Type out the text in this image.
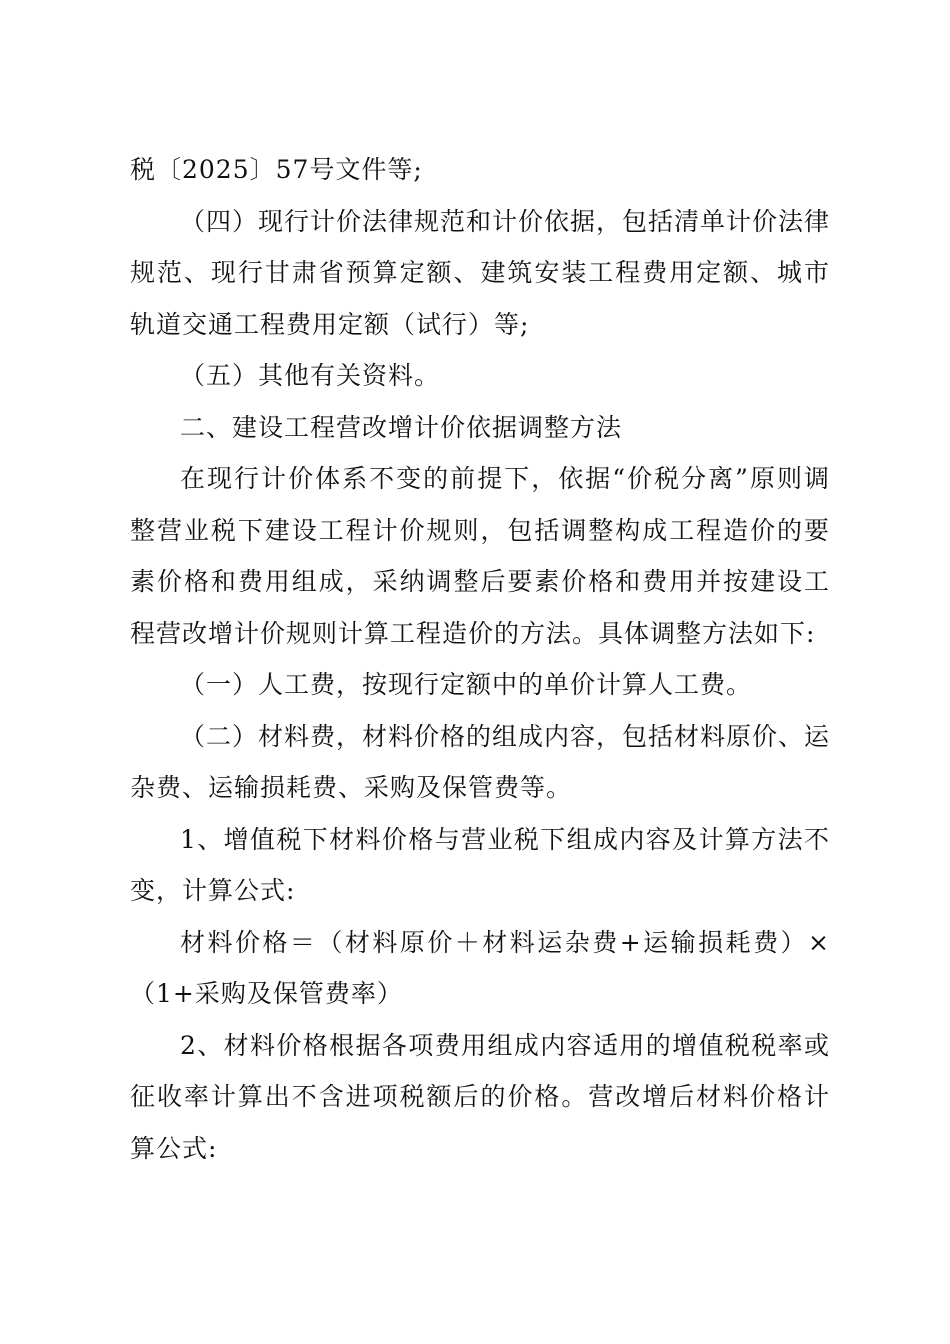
税〔2025〕57号文件等;

（四）现行计价法律规范和计价依据，包括清单计价法律规范、现行甘肃省预算定额、建筑安装工程费用定额、城市轨道交通工程费用定额（试行）等;

（五）其他有关资料。

二、建设工程营改增计价依据调整方法

在现行计价体系不变的前提下，依据“价税分离”原则调整营业税下建设工程计价规则，包括调整构成工程造价的要素价格和费用组成，采纳调整后要素价格和费用并按建设工程营改增计价规则计算工程造价的方法。具体调整方法如下:

（一）人工费，按现行定额中的单价计算人工费。

（二）材料费，材料价格的组成内容，包括材料原价、运杂费、运输损耗费、采购及保管费等。

1、增值税下材料价格与营业税下组成内容及计算方法不变，计算公式:

材料价格＝（材料原价＋材料运杂费+运输损耗费）×（1+采购及保管费率）

2、材料价格根据各项费用组成内容适用的增值税税率或征收率计算出不含进项税额后的价格。营改增后材料价格计算公式:
